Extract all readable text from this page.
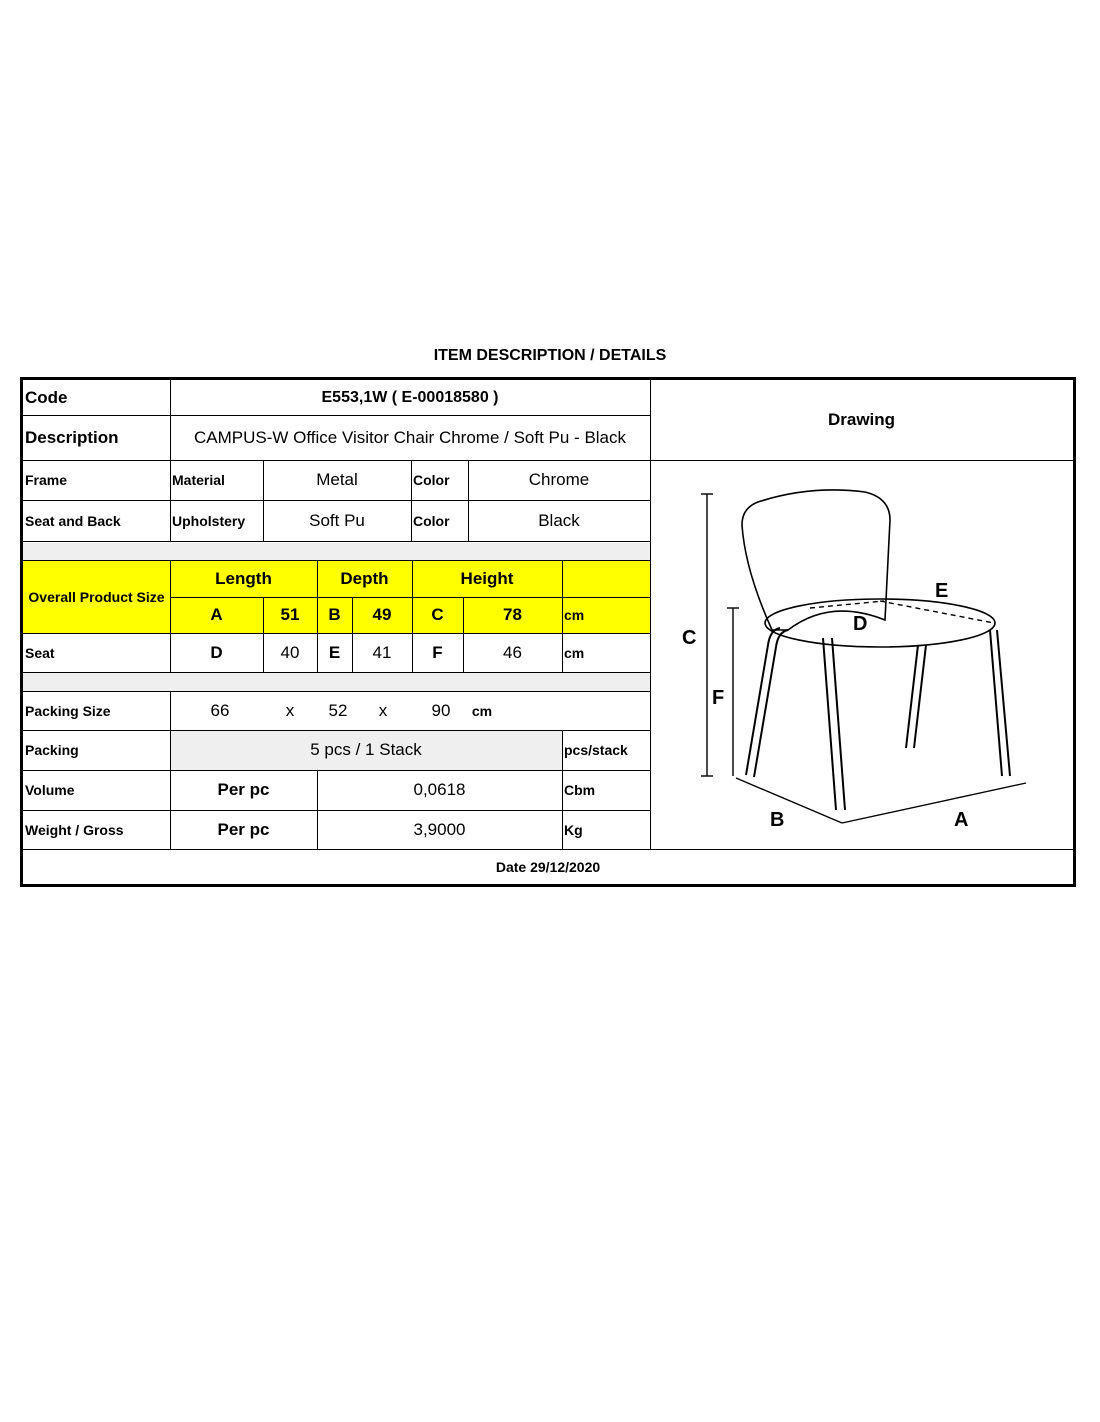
ITEM DESCRIPTION / DETAILS
Code	E553,1W ( E-00018580 )
Description	CAMPUS-W Office Visitor Chair Chrome / Soft Pu - Black
Drawing
Frame	Material	Metal	Color	Chrome
Seat and Back	Upholstery	Soft Pu	Color	Black
Overall Product Size
Length	Depth	Height
A	51	B	49	C	78	cm
Seat	D	40	E	41	F	46	cm
Packing Size	66	x	52	x	90	cm
Packing	5 pcs / 1 Stack	pcs/stack
Volume	Per pc	0,0618	Cbm
Weight / Gross	Per pc	3,9000	Kg
Date 29/12/2020
C
F
D
E
B	A
